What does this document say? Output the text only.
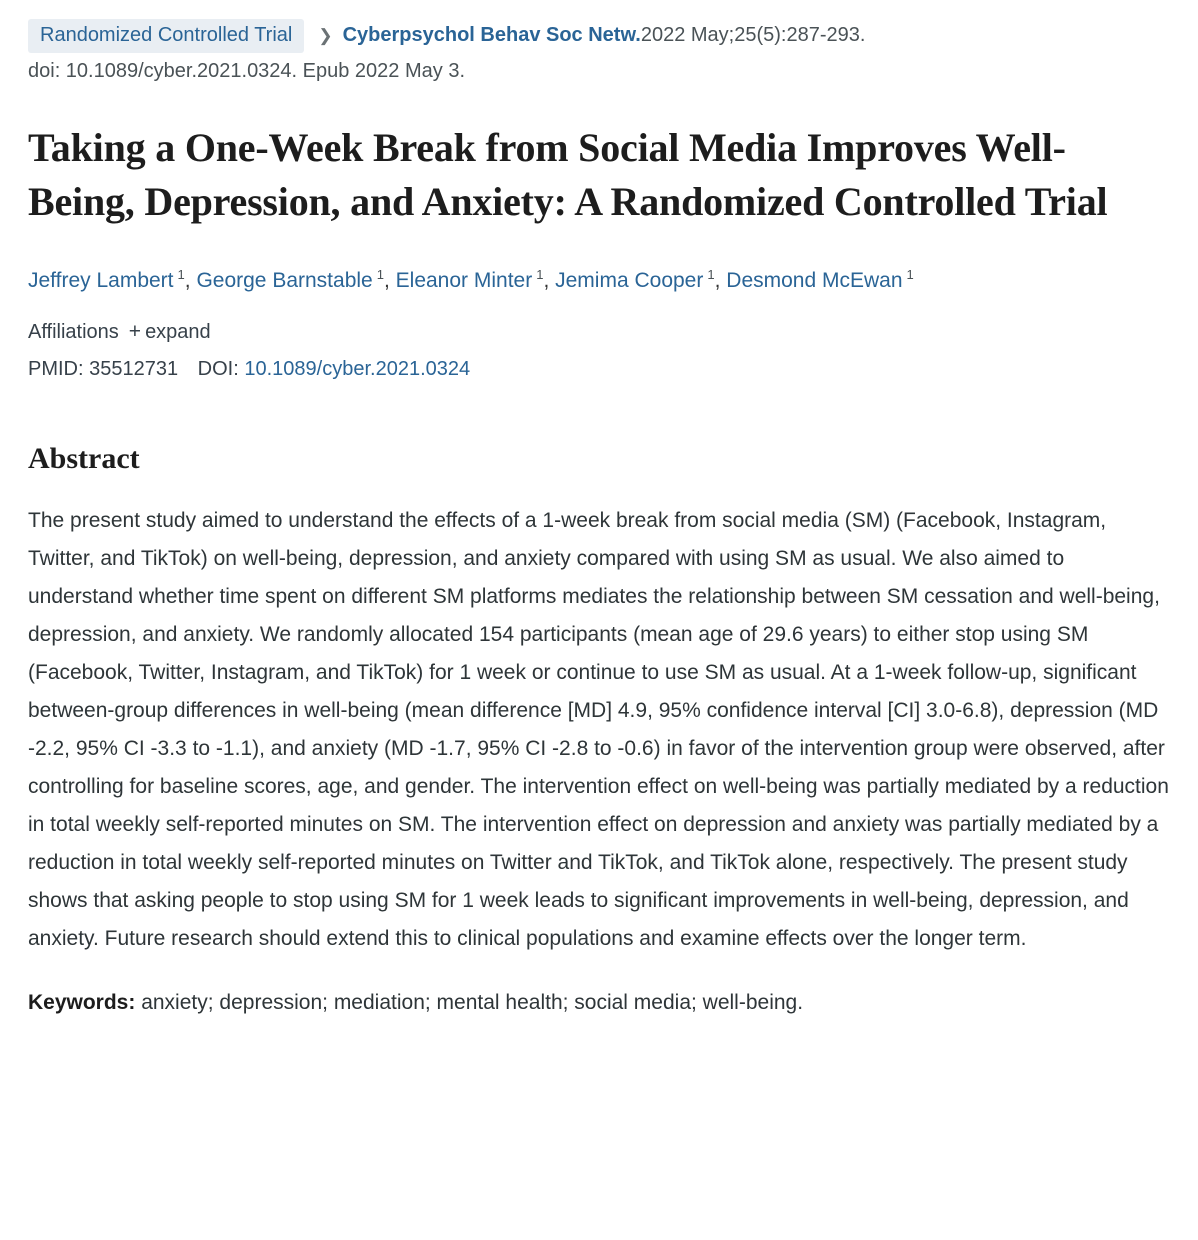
Randomized Controlled Trial ❯ Cyberpsychol Behav Soc Netw.2022 May;25(5):287-293.
doi: 10.1089/cyber.2021.0324. Epub 2022 May 3.
Taking a One-Week Break from Social Media Improves Well-Being, Depression, and Anxiety: A Randomized Controlled Trial
Jeffrey Lambert $^1$, George Barnstable $^1$, Eleanor Minter $^1$, Jemima Cooper $^1$, Desmond McEwan $^1$
Affiliations + expand
PMID: 35512731 DOI: 10.1089/cyber.2021.0324
Abstract

The present study aimed to understand the effects of a 1-week break from social media (SM) (Facebook, Instagram, Twitter, and TikTok) on well-being, depression, and anxiety compared with using SM as usual. We also aimed to understand whether time spent on different SM platforms mediates the relationship between SM cessation and well-being, depression, and anxiety. We randomly allocated 154 participants (mean age of 29.6 years) to either stop using SM (Facebook, Twitter, Instagram, and TikTok) for 1 week or continue to use SM as usual. At a 1-week follow-up, significant between-group differences in well-being (mean difference [MD] 4.9, 95% confidence interval [CI] 3.0-6.8), depression (MD -2.2, 95% CI -3.3 to -1.1), and anxiety (MD -1.7, 95% CI -2.8 to -0.6) in favor of the intervention group were observed, after controlling for baseline scores, age, and gender. The intervention effect on well-being was partially mediated by a reduction in total weekly self-reported minutes on SM. The intervention effect on depression and anxiety was partially mediated by a reduction in total weekly self-reported minutes on Twitter and TikTok, and TikTok alone, respectively. The present study shows that asking people to stop using SM for 1 week leads to significant improvements in well-being, depression, and anxiety. Future research should extend this to clinical populations and examine effects over the longer term.

Keywords: anxiety; depression; mediation; mental health; social media; well-being.
